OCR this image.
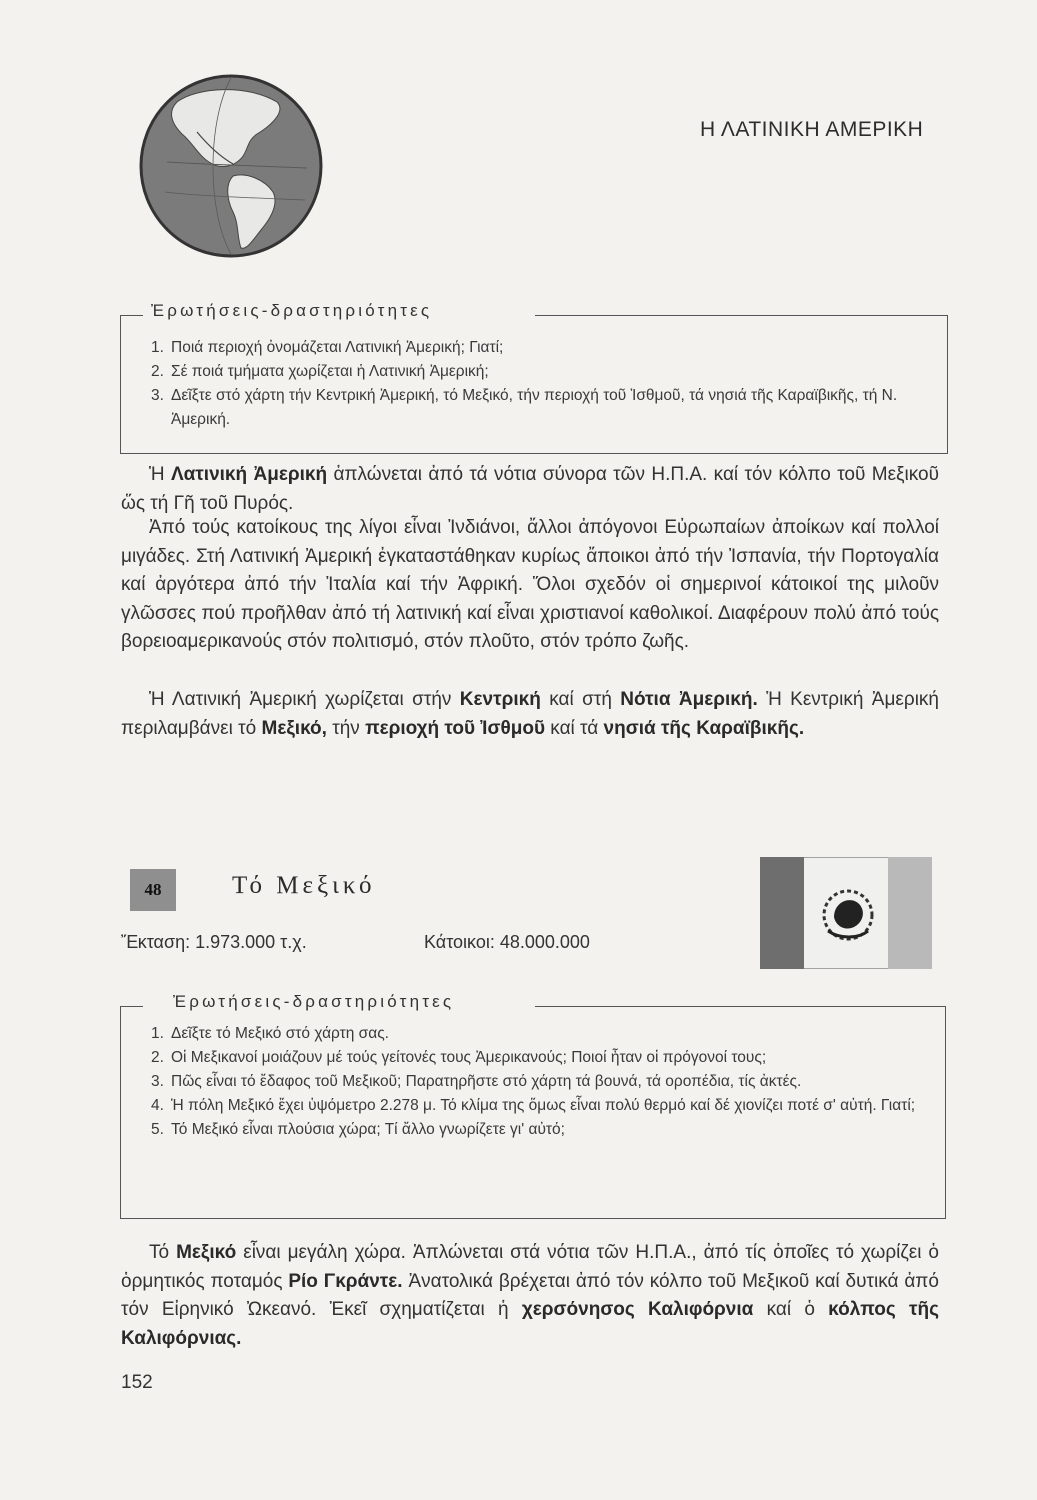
Η ΛΑΤΙΝΙΚΗ ΑΜΕΡΙΚΗ
Ἐρωτήσεις-δραστηριότητες
1. Ποιά περιοχή ὀνομάζεται Λατινική Ἀμερική; Γιατί;
2. Σέ ποιά τμήματα χωρίζεται ἡ Λατινική Ἀμερική;
3. Δεῖξτε στό χάρτη τήν Κεντρική Ἀμερική, τό Μεξικό, τήν περιοχή τοῦ Ἰσθμοῦ, τά νησιά τῆς Καραϊβικῆς, τή Ν. Ἀμερική.

Ἡ Λατινική Ἀμερική ἁπλώνεται ἀπό τά νότια σύνορα τῶν Η.Π.Α. καί τόν κόλπο τοῦ Μεξικοῦ ὥς τή Γῆ τοῦ Πυρός.

Ἀπό τούς κατοίκους της λίγοι εἶναι Ἰνδιάνοι, ἄλλοι ἀπόγονοι Εὐρωπαίων ἀποίκων καί πολλοί μιγάδες. Στή Λατινική Ἀμερική ἐγκαταστάθηκαν κυρίως ἄποικοι ἀπό τήν Ἰσπανία, τήν Πορτογαλία καί ἀργότερα ἀπό τήν Ἰταλία καί τήν Ἀφρική. Ὅλοι σχεδόν οἱ σημερινοί κάτοικοί της μιλοῦν γλῶσσες πού προῆλθαν ἀπό τή λατινική καί εἶναι χριστιανοί καθολικοί. Διαφέρουν πολύ ἀπό τούς βορειοαμερικανούς στόν πολιτισμό, στόν πλοῦτο, στόν τρόπο ζωῆς.

Ἡ Λατινική Ἀμερική χωρίζεται στήν Κεντρική καί στή Νότια Ἀμερική. Ἡ Κεντρική Ἀμερική περιλαμβάνει τό Μεξικό, τήν περιοχή τοῦ Ἰσθμοῦ καί τά νησιά τῆς Καραϊβικῆς.

48	Τό Μεξικό
Ἔκταση: 1.973.000 τ.χ.	Κάτοικοι: 48.000.000
Ἐρωτήσεις-δραστηριότητες
1. Δεῖξτε τό Μεξικό στό χάρτη σας.
2. Οἱ Μεξικανοί μοιάζουν μέ τούς γείτονές τους Ἀμερικανούς; Ποιοί ἦταν οἱ πρόγονοί τους;
3. Πῶς εἶναι τό ἔδαφος τοῦ Μεξικοῦ; Παρατηρῆστε στό χάρτη τά βουνά, τά οροπέδια, τίς ἀκτές.
4. Ἡ πόλη Μεξικό ἔχει ὑψόμετρο 2.278 μ. Τό κλίμα της ὅμως εἶναι πολύ θερμό καί δέ χιονίζει ποτέ σ' αὐτή. Γιατί;
5. Τό Μεξικό εἶναι πλούσια χώρα; Τί ἄλλο γνωρίζετε γι' αὐτό;

Τό Μεξικό εἶναι μεγάλη χώρα. Ἁπλώνεται στά νότια τῶν Η.Π.Α., ἀπό τίς ὁποῖες τό χωρίζει ὁ ὁρμητικός ποταμός Ρίο Γκράντε. Ἀνατολικά βρέχεται ἀπό τόν κόλπο τοῦ Μεξικοῦ καί δυτικά ἀπό τόν Εἰρηνικό Ὠκεανό. Ἐκεῖ σχηματίζεται ἡ χερσόνησος Καλιφόρνια καί ὁ κόλπος τῆς Καλιφόρνιας.

152
